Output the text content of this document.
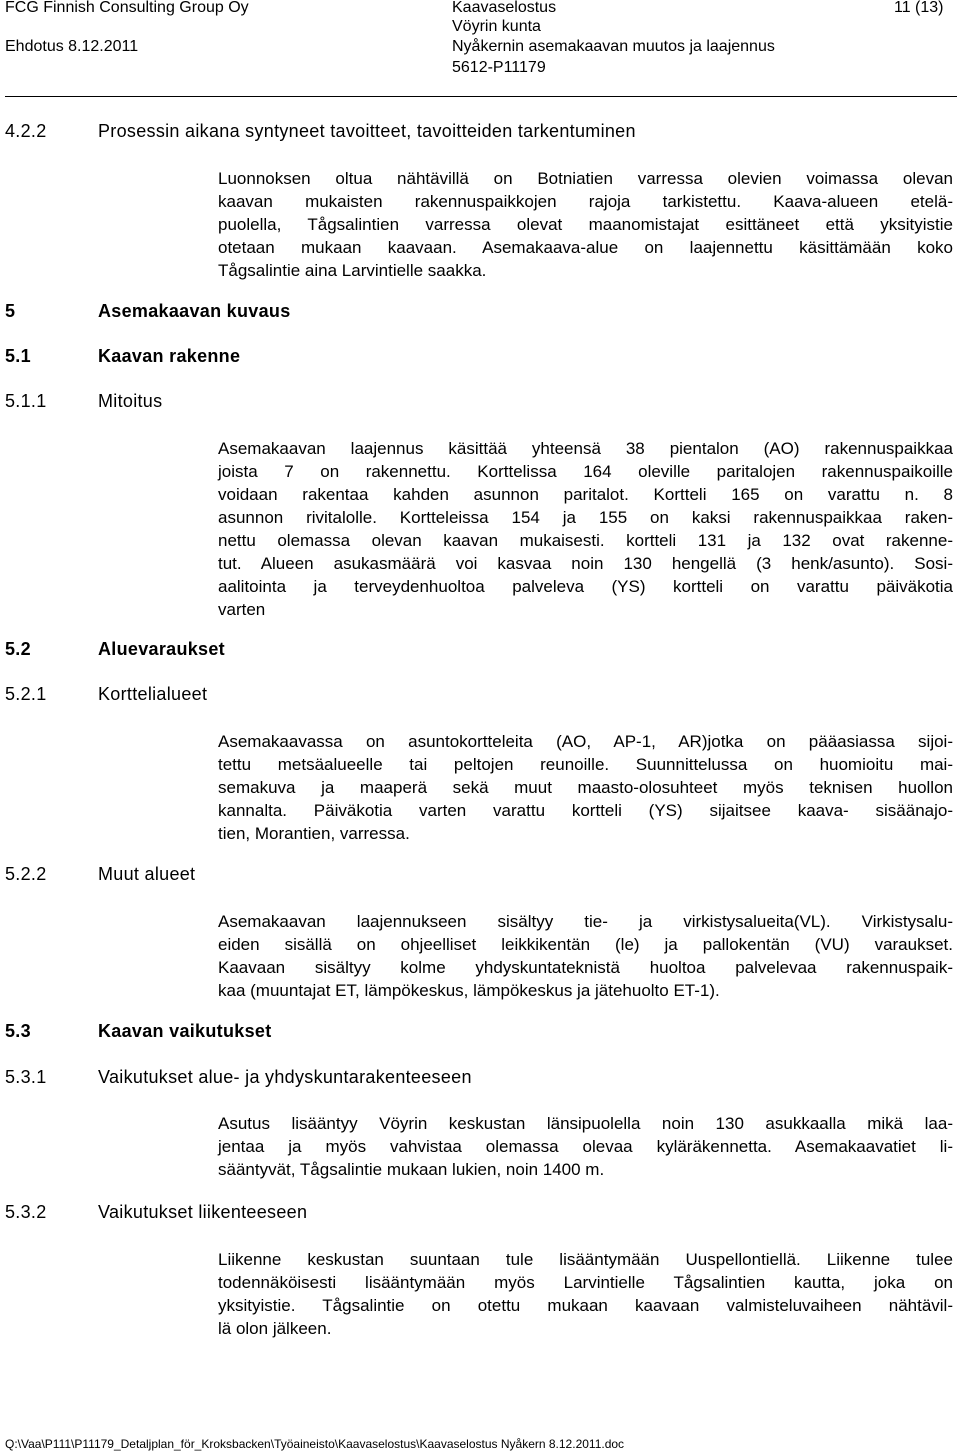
FCG Finnish Consulting Group Oy
Ehdotus 8.12.2011
Kaavaselostus
Vöyrin kunta
Nyåkernin asemakaavan muutos ja laajennus
5612-P11179
11 (13)
4.2.2	Prosessin aikana syntyneet tavoitteet, tavoitteiden tarkentuminen
5	Asemakaavan kuvaus
5.1	Kaavan rakenne
5.1.1	Mitoitus
5.2	Aluevaraukset
5.2.1	Korttelialueet
5.2.2	Muut alueet
5.3	Kaavan vaikutukset
5.3.1	Vaikutukset alue- ja yhdyskuntarakenteeseen
5.3.2	Vaikutukset liikenteeseen
Luonnoksen oltua nähtävillä on Botniatien varressa olevien voimassa olevan
kaavan mukaisten rakennuspaikkojen rajoja tarkistettu. Kaava-alueen etelä-
puolella, Tågsalintien varressa olevat maanomistajat esittäneet että yksityistie
otetaan mukaan kaavaan. Asemakaava-alue on laajennettu käsittämään koko
Tågsalintie aina Larvintielle saakka.
Asemakaavan laajennus käsittää yhteensä 38 pientalon (AO) rakennuspaikkaa
joista 7 on rakennettu. Korttelissa 164 oleville paritalojen rakennuspaikoille
voidaan rakentaa kahden asunnon paritalot. Kortteli 165 on varattu n. 8
asunnon rivitalolle. Kortteleissa 154 ja 155 on kaksi rakennuspaikkaa raken-
nettu olemassa olevan kaavan mukaisesti. kortteli 131 ja 132 ovat rakenne-
tut. Alueen asukasmäärä voi kasvaa noin 130 hengellä (3 henk/asunto). Sosi-
aalitointa ja terveydenhuoltoa palveleva (YS) kortteli on varattu päiväkotia
varten
Asemakaavassa on asuntokortteleita (AO, AP-1, AR)jotka on pääasiassa sijoi-
tettu metsäalueelle tai peltojen reunoille. Suunnittelussa on huomioitu mai-
semakuva ja maaperä sekä muut maasto-olosuhteet myös teknisen huollon
kannalta. Päiväkotia varten varattu kortteli (YS) sijaitsee kaava- sisäänajo-
tien, Morantien, varressa.
Asemakaavan laajennukseen sisältyy tie- ja virkistysalueita(VL). Virkistysalu-
eiden sisällä on ohjeelliset leikkikentän (le) ja pallokentän (VU) varaukset.
Kaavaan sisältyy kolme yhdyskuntateknistä huoltoa palvelevaa rakennuspaik-
kaa (muuntajat ET, lämpökeskus, lämpökeskus ja jätehuolto ET-1).
Asutus lisääntyy Vöyrin keskustan länsipuolella noin 130 asukkaalla mikä laa-
jentaa ja myös vahvistaa olemassa olevaa kyläräkennetta. Asemakaavatiet li-
sääntyvät, Tågsalintie mukaan lukien, noin 1400 m.
Liikenne keskustan suuntaan tule lisääntymään Uuspellontiellä. Liikenne tulee
todennäköisesti lisääntymään myös Larvintielle Tågsalintien kautta, joka on
yksityistie. Tågsalintie on otettu mukaan kaavaan valmisteluvaiheen nähtävil-
lä olon jälkeen.
Q:\Vaa\P111\P11179_Detaljplan_för_Kroksbacken\Työaineisto\Kaavaselostus\Kaavaselostus Nyåkern 8.12.2011.doc
